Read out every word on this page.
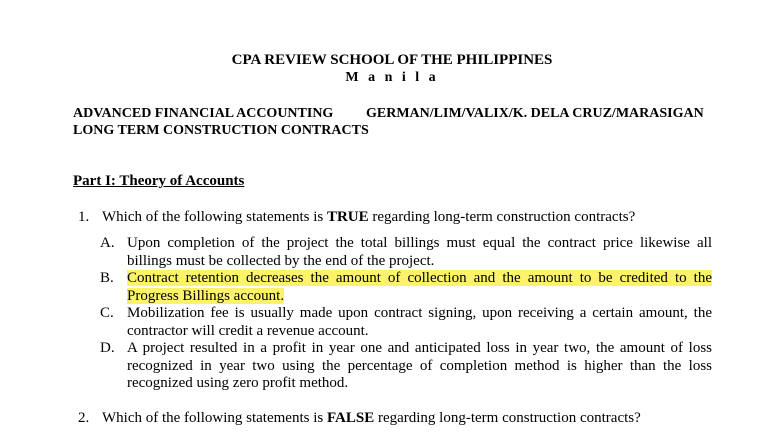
CPA REVIEW SCHOOL OF THE PHILIPPINES
M a n i l a
ADVANCED FINANCIAL ACCOUNTING GERMAN/LIM/VALIX/K. DELA CRUZ/MARASIGAN
LONG TERM CONSTRUCTION CONTRACTS
Part I: Theory of Accounts
1. Which of the following statements is TRUE regarding long-term construction contracts?
A. Upon completion of the project the total billings must equal the contract price likewise all billings must be collected by the end of the project.
B. Contract retention decreases the amount of collection and the amount to be credited to the Progress Billings account.
C. Mobilization fee is usually made upon contract signing, upon receiving a certain amount, the contractor will credit a revenue account.
D. A project resulted in a profit in year one and anticipated loss in year two, the amount of loss recognized in year two using the percentage of completion method is higher than the loss recognized using zero profit method.
2. Which of the following statements is FALSE regarding long-term construction contracts?
